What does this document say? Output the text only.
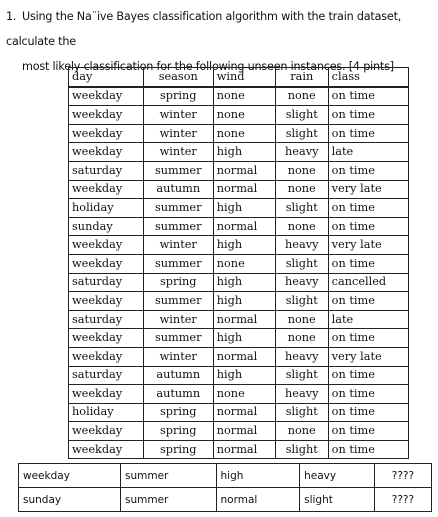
1. Using the Na¨ive Bayes classification algorithm with the train dataset, calculate the
most likely classification for the following unseen instances. [4 pints]
day	season	wind	rain	class
weekday	spring	none	none	on time
weekday	winter	none	slight	on time
weekday	winter	none	slight	on time
weekday	winter	high	heavy	late
saturday	summer	normal	none	on time
weekday	autumn	normal	none	very late
holiday	summer	high	slight	on time
sunday	summer	normal	none	on time
weekday	winter	high	heavy	very late
weekday	summer	none	slight	on time
saturday	spring	high	heavy	cancelled
weekday	summer	high	slight	on time
saturday	winter	normal	none	late
weekday	summer	high	none	on time
weekday	winter	normal	heavy	very late
saturday	autumn	high	slight	on time
weekday	autumn	none	heavy	on time
holiday	spring	normal	slight	on time
weekday	spring	normal	none	on time
weekday	spring	normal	slight	on time
weekday	summer	high	heavy	????
sunday	summer	normal	slight	????
